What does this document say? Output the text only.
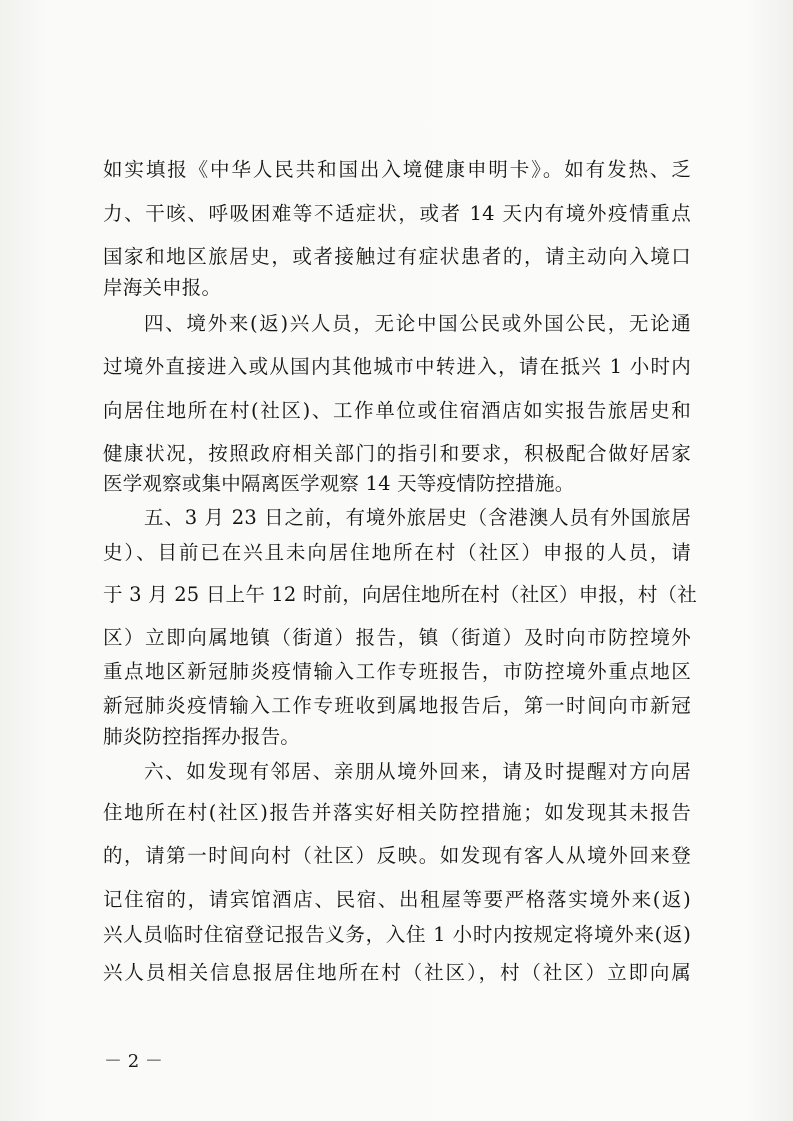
如实填报《中华人民共和国出入境健康申明卡》。如有发热、乏
力、干咳、呼吸困难等不适症状，或者 14 天内有境外疫情重点
国家和地区旅居史，或者接触过有症状患者的，请主动向入境口
岸海关申报。
四、境外来(返)兴人员，无论中国公民或外国公民，无论通
过境外直接进入或从国内其他城市中转进入，请在抵兴 1 小时内
向居住地所在村(社区)、工作单位或住宿酒店如实报告旅居史和
健康状况，按照政府相关部门的指引和要求，积极配合做好居家
医学观察或集中隔离医学观察 14 天等疫情防控措施。
五、3 月 23 日之前，有境外旅居史（含港澳人员有外国旅居
史）、目前已在兴且未向居住地所在村（社区）申报的人员，请
于 3 月 25 日上午 12 时前，向居住地所在村（社区）申报，村（社
区）立即向属地镇（街道）报告，镇（街道）及时向市防控境外
重点地区新冠肺炎疫情输入工作专班报告，市防控境外重点地区
新冠肺炎疫情输入工作专班收到属地报告后，第一时间向市新冠
肺炎防控指挥办报告。
六、如发现有邻居、亲朋从境外回来，请及时提醒对方向居
住地所在村(社区)报告并落实好相关防控措施；如发现其未报告
的，请第一时间向村（社区）反映。如发现有客人从境外回来登
记住宿的，请宾馆酒店、民宿、出租屋等要严格落实境外来(返)
兴人员临时住宿登记报告义务，入住 1 小时内按规定将境外来(返)
兴人员相关信息报居住地所在村（社区），村（社区）立即向属
－ 2 －
